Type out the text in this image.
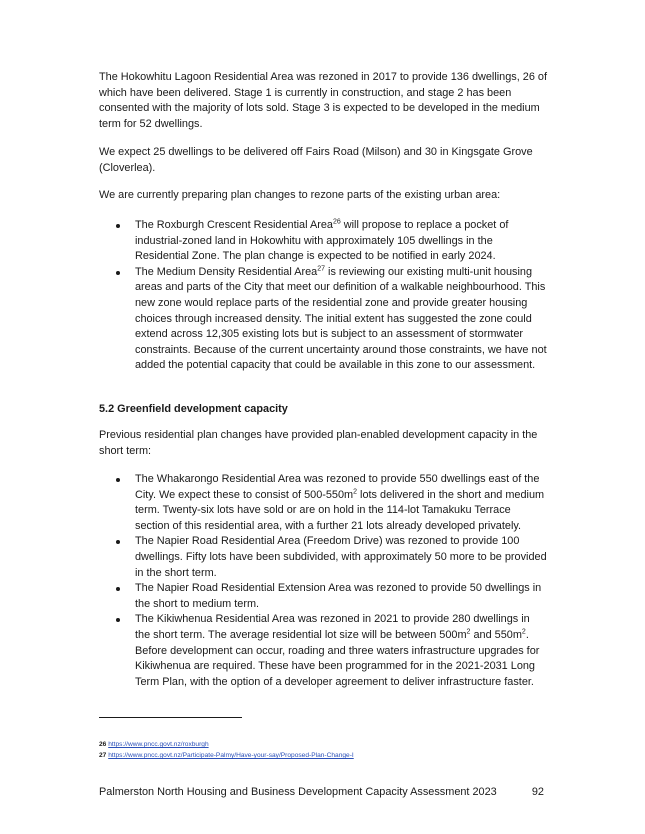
The Hokowhitu Lagoon Residential Area was rezoned in 2017 to provide 136 dwellings, 26 of which have been delivered. Stage 1 is currently in construction, and stage 2 has been consented with the majority of lots sold. Stage 3 is expected to be developed in the medium term for 52 dwellings.

We expect 25 dwellings to be delivered off Fairs Road (Milson) and 30 in Kingsgate Grove (Cloverlea).

We are currently preparing plan changes to rezone parts of the existing urban area:

The Roxburgh Crescent Residential Area$^{26}$ will propose to replace a pocket of industrial-zoned land in Hokowhitu with approximately 105 dwellings in the Residential Zone. The plan change is expected to be notified in early 2024.
The Medium Density Residential Area$^{27}$ is reviewing our existing multi-unit housing areas and parts of the City that meet our definition of a walkable neighbourhood. This new zone would replace parts of the residential zone and provide greater housing choices through increased density. The initial extent has suggested the zone could extend across 12,305 existing lots but is subject to an assessment of stormwater constraints. Because of the current uncertainty around those constraints, we have not added the potential capacity that could be available in this zone to our assessment.
5.2 Greenfield development capacity

Previous residential plan changes have provided plan-enabled development capacity in the short term:

The Whakarongo Residential Area was rezoned to provide 550 dwellings east of the City. We expect these to consist of $500-550m^2$ lots delivered in the short and medium term. Twenty-six lots have sold or are on hold in the 114-lot Tamakuku Terrace section of this residential area, with a further 21 lots already developed privately.
The Napier Road Residential Area (Freedom Drive) was rezoned to provide 100 dwellings. Fifty lots have been subdivided, with approximately 50 more to be provided in the short term.
The Napier Road Residential Extension Area was rezoned to provide 50 dwellings in the short to medium term.
The Kikiwhenua Residential Area was rezoned in 2021 to provide 280 dwellings in the short term. The average residential lot size will be between $500m^2$ and $550m^2$. Before development can occur, roading and three waters infrastructure upgrades for Kikiwhenua are required. These have been programmed for in the 2021-2031 Long Term Plan, with the option of a developer agreement to deliver infrastructure faster.
26 https://www.pncc.govt.nz/roxburgh
27 https://www.pncc.govt.nz/Participate-Palmy/Have-your-say/Proposed-Plan-Change-I
Palmerston North Housing and Business Development Capacity Assessment 2023	92
